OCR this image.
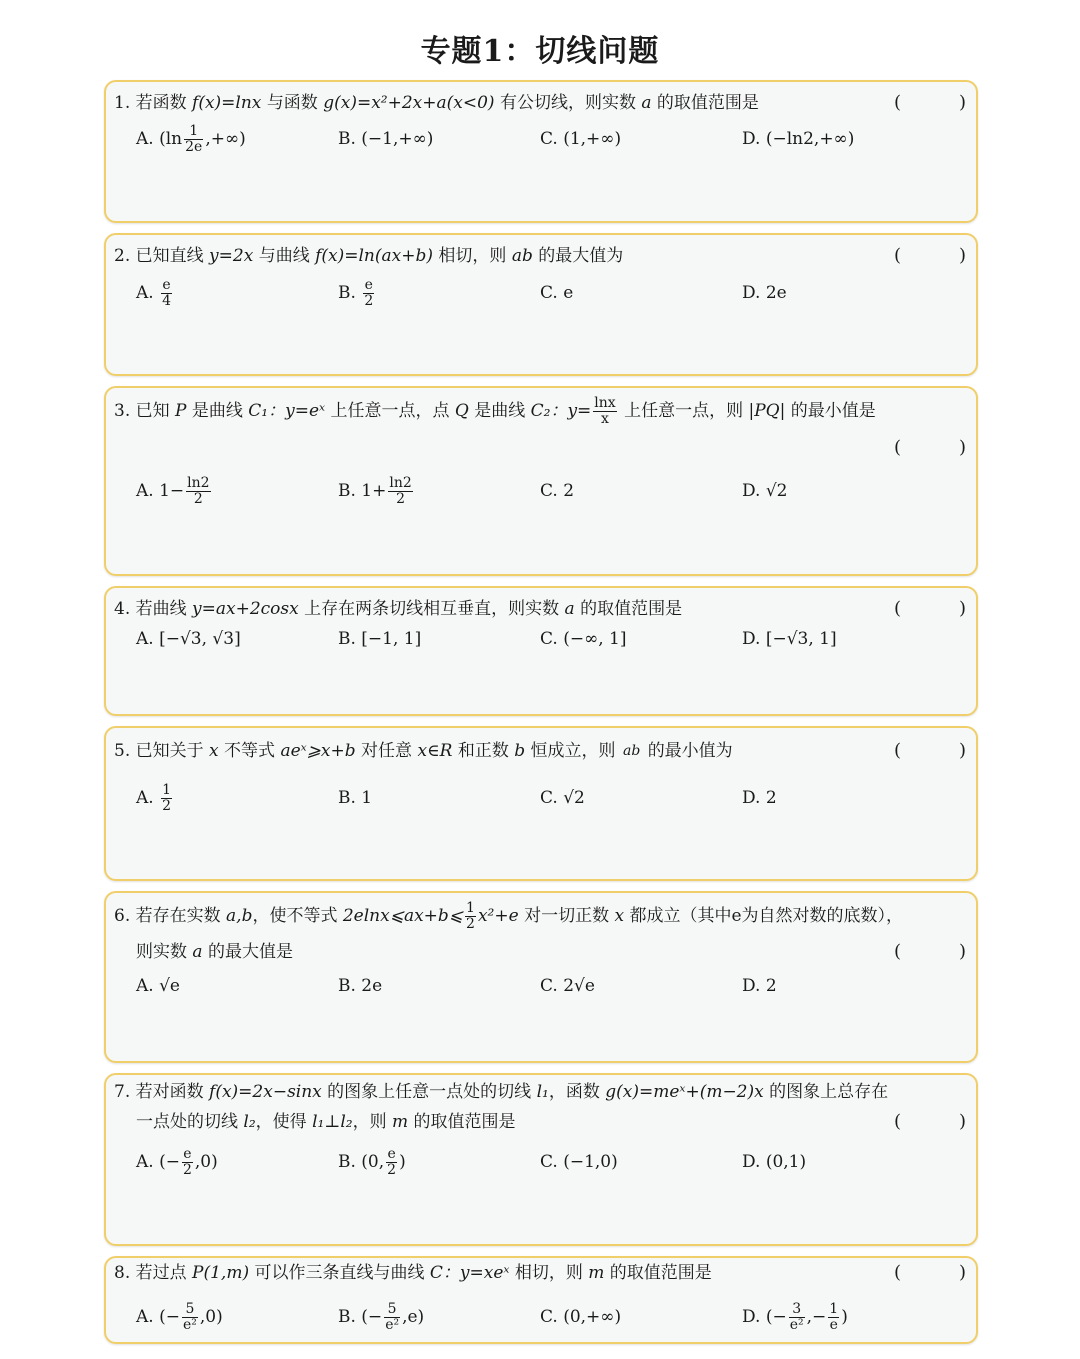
专题1：切线问题
1. 若函数 f(x)=lnx 与函数 g(x)=x²+2x+a(x<0) 有公切线，则实数 a 的取值范围是	(	)
A. ($\ln \frac{1}{2e}$ ,+∞)	B. (−1,+∞)	C. (1,+∞)	D. (−ln2,+∞)
2. 已知直线 y=2x 与曲线 f(x)=ln(ax+b) 相切，则 ab 的最大值为	(	)
A. $\frac{e}{4}$	B. $\frac{e}{2}$	C. e	D. 2e
3. 已知 P 是曲线 C₁：y=eˣ 上任意一点，点 Q 是曲线 C₂：$y= \frac{\ln x}{x}$ 上任意一点，则 |PQ| 的最小值是
(	)
A. $1- \frac{\ln 2}{2}$	B. $1+ \frac{\ln 2}{2}$	C. 2	D. √2
4. 若曲线 y=ax+2cosx 上存在两条切线相互垂直，则实数 a 的取值范围是	(	)
A. [−√3, √3]	B. [−1, 1]	C. (−∞, 1]	D. [−√3, 1]
5. 已知关于 x 不等式 aeˣ⩾x+b 对任意 x∈R 和正数 b 恒成立，则 ab 的最小值为	(	)
A. $\frac{1}{2}$	B. 1	C. √2	D. 2
6. 若存在实数 a,b，使不等式 2elnx⩽ax+b⩽ $\frac{1}{2} x^2+e$ 对一切正数 x 都成立（其中e为自然对数的底数），
则实数 a 的最大值是	(	)
A. √e	B. 2e	C. 2√e	D. 2
7. 若对函数 f(x)=2x−sinx 的图象上任意一点处的切线 l₁，函数 g(x)=meˣ+(m−2)x 的图象上总存在
一点处的切线 l₂，使得 l₁⊥l₂，则 m 的取值范围是	(	)
A. (− $\frac{e}{2} ,0$)	B. (0, $\frac{e}{2}$ )	C. (−1,0)	D. (0,1)
8. 若过点 P(1,m) 可以作三条直线与曲线 C：y=xeˣ 相切，则 m 的取值范围是	(	)
A. (− $\frac{5}{\text{e²}} ,0$)	B. (− $\frac{5}{\text{e²}} ,e$)	C. (0,+∞)	D. (− $\frac{3}{\text{e²}}$ ,− $\frac{1}{e}$ )
